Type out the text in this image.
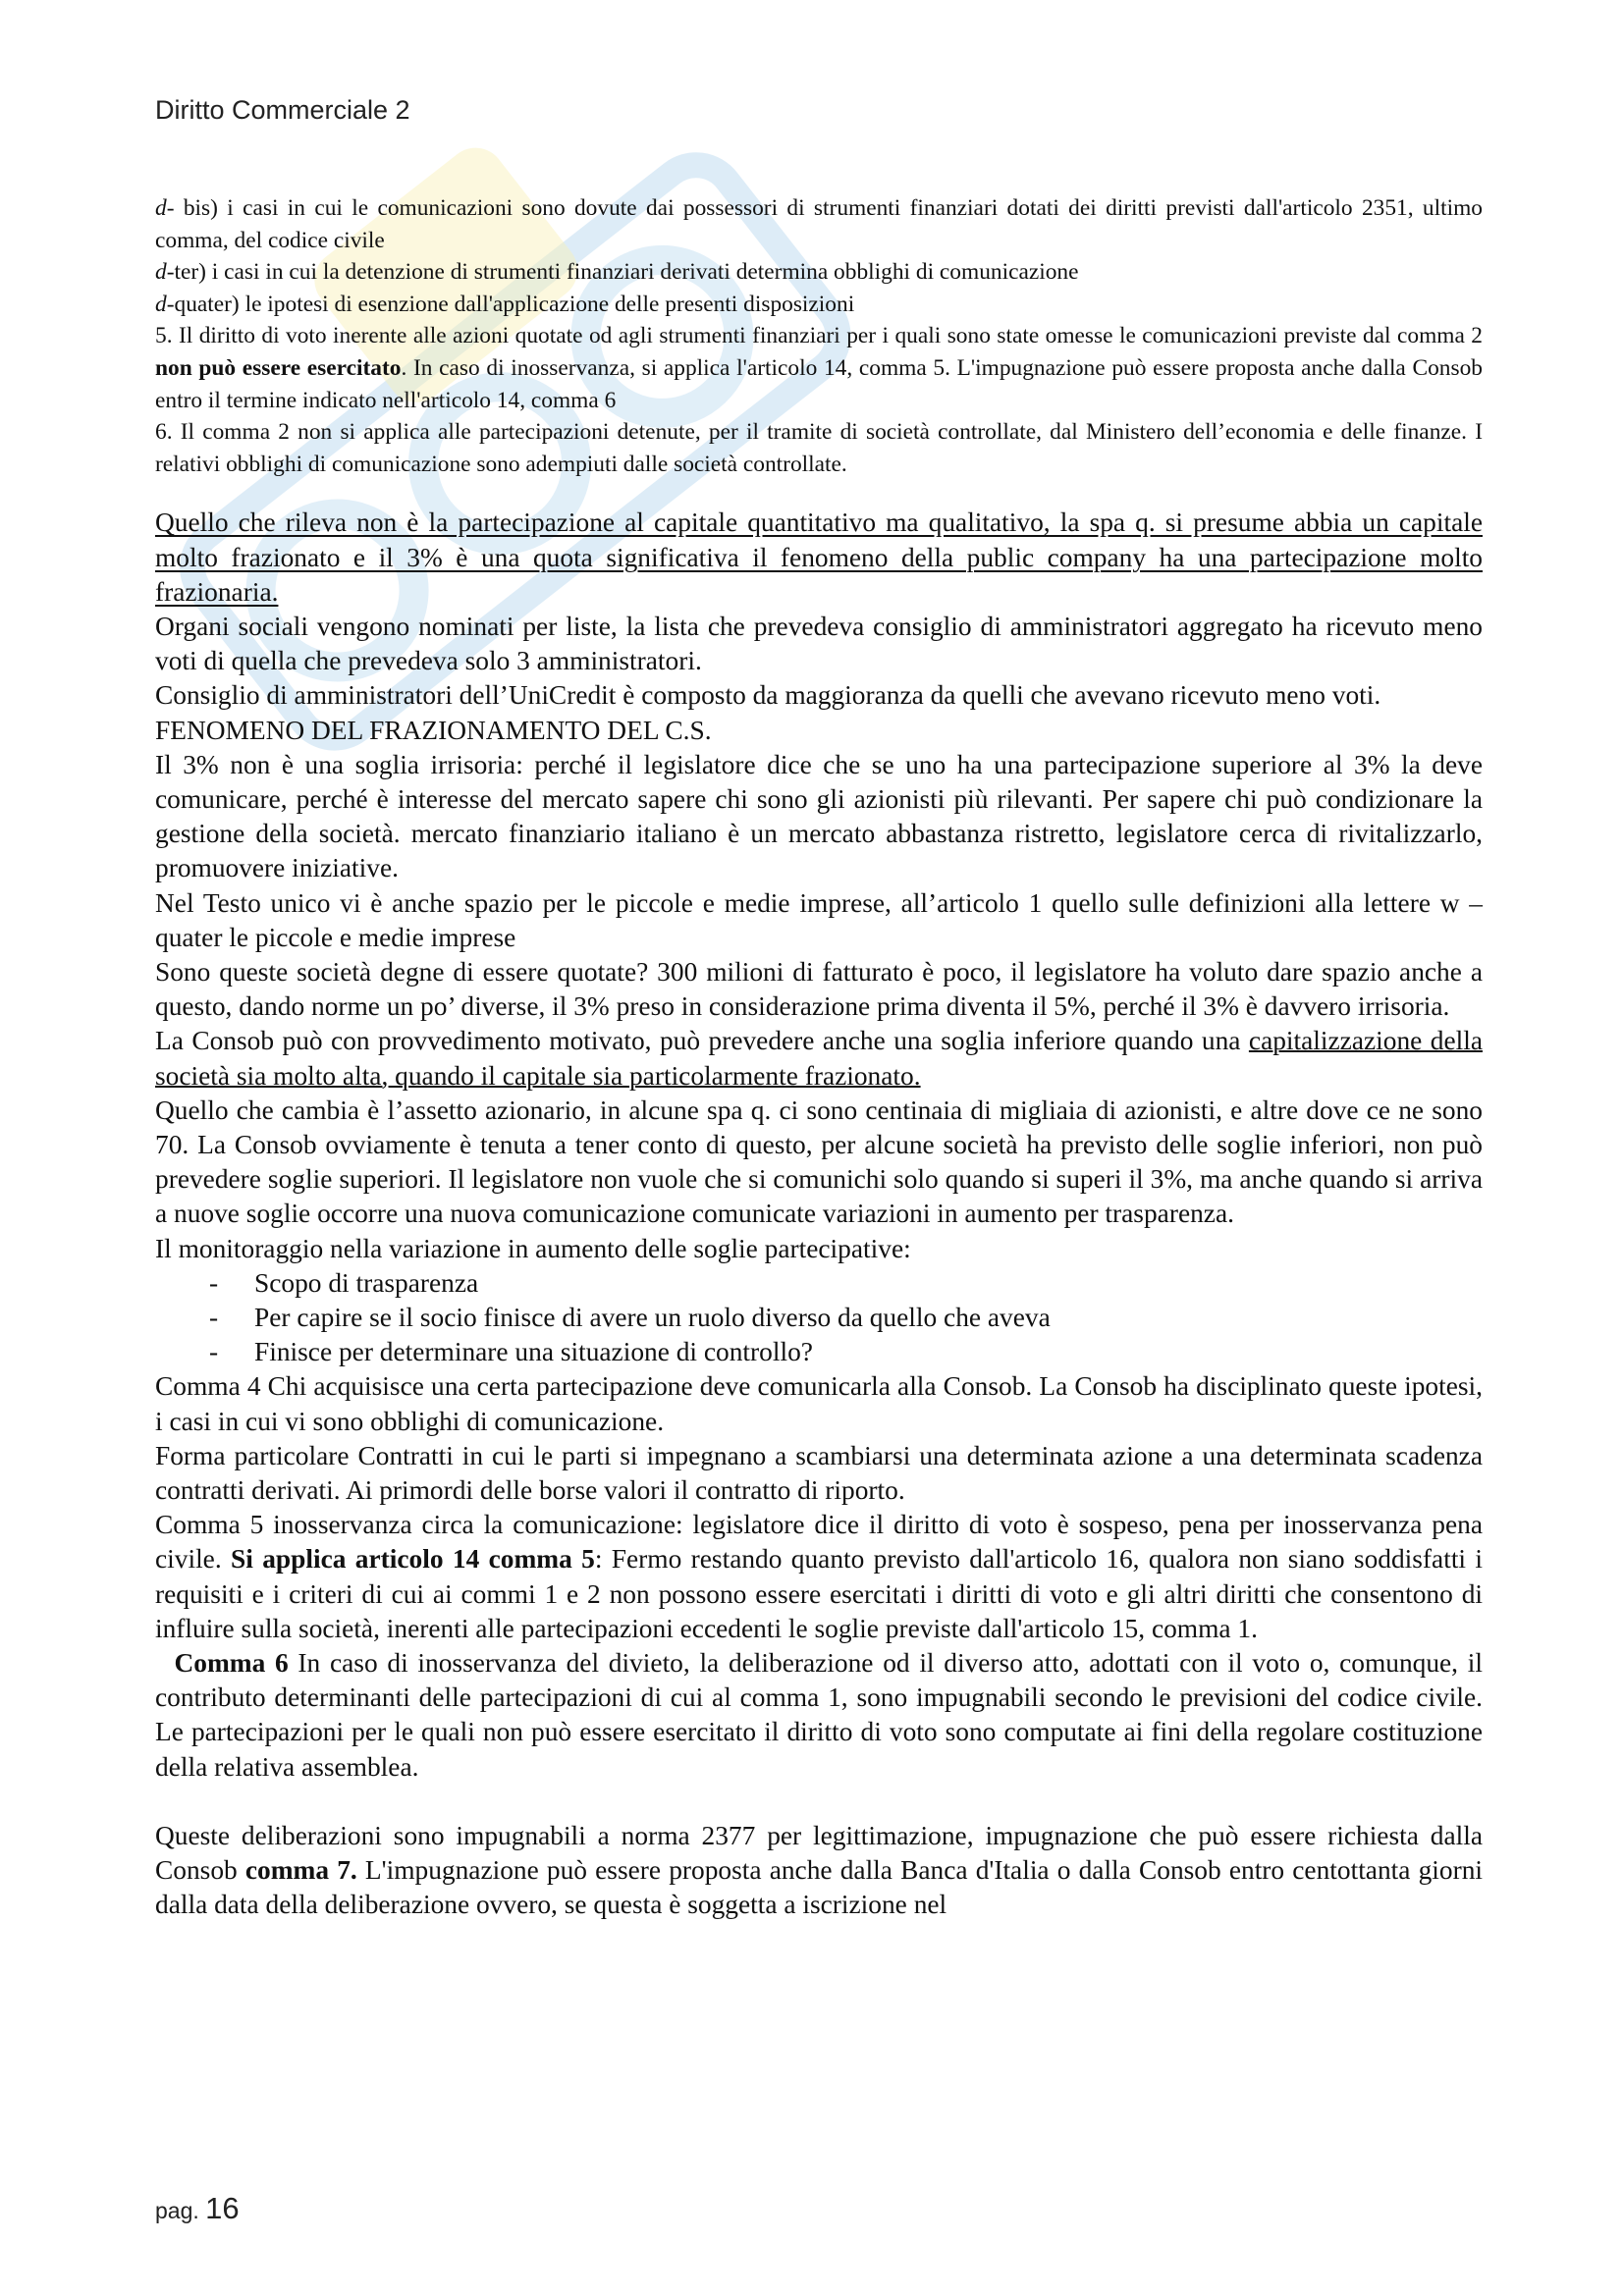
Diritto Commerciale 2

d- bis) i casi in cui le comunicazioni sono dovute dai possessori di strumenti finanziari dotati dei diritti previsti dall'articolo 2351, ultimo comma, del codice civile

d-ter) i casi in cui la detenzione di strumenti finanziari derivati determina obblighi di comunicazione

d-quater) le ipotesi di esenzione dall'applicazione delle presenti disposizioni

5. Il diritto di voto inerente alle azioni quotate od agli strumenti finanziari per i quali sono state omesse le comunicazioni previste dal comma 2 non può essere esercitato. In caso di inosservanza, si applica l'articolo 14, comma 5. L'impugnazione può essere proposta anche dalla Consob entro il termine indicato nell'articolo 14, comma 6

6. Il comma 2 non si applica alle partecipazioni detenute, per il tramite di società controllate, dal Ministero dell’economia e delle finanze. I relativi obblighi di comunicazione sono adempiuti dalle società controllate.

Quello che rileva non è la partecipazione al capitale quantitativo ma qualitativo, la spa q. si presume abbia un capitale molto frazionato e il 3% è una quota significativa il fenomeno della public company ha una partecipazione molto frazionaria.

Organi sociali vengono nominati per liste, la lista che prevedeva consiglio di amministratori aggregato ha ricevuto meno voti di quella che prevedeva solo 3 amministratori.

Consiglio di amministratori dell’UniCredit è composto da maggioranza da quelli che avevano ricevuto meno voti.

FENOMENO DEL FRAZIONAMENTO DEL C.S.

Il 3% non è una soglia irrisoria: perché il legislatore dice che se uno ha una partecipazione superiore al 3% la deve comunicare, perché è interesse del mercato sapere chi sono gli azionisti più rilevanti. Per sapere chi può condizionare la gestione della società. mercato finanziario italiano è un mercato abbastanza ristretto, legislatore cerca di rivitalizzarlo, promuovere iniziative.

Nel Testo unico vi è anche spazio per le piccole e medie imprese, all’articolo 1 quello sulle definizioni alla lettere w – quater le piccole e medie imprese

Sono queste società degne di essere quotate? 300 milioni di fatturato è poco, il legislatore ha voluto dare spazio anche a questo, dando norme un po’ diverse, il 3% preso in considerazione prima diventa il 5%, perché il 3% è davvero irrisoria.

La Consob può con provvedimento motivato, può prevedere anche una soglia inferiore quando una capitalizzazione della società sia molto alta, quando il capitale sia particolarmente frazionato.

Quello che cambia è l’assetto azionario, in alcune spa q. ci sono centinaia di migliaia di azionisti, e altre dove ce ne sono 70. La Consob ovviamente è tenuta a tener conto di questo, per alcune società ha previsto delle soglie inferiori, non può prevedere soglie superiori. Il legislatore non vuole che si comunichi solo quando si superi il 3%, ma anche quando si arriva a nuove soglie occorre una nuova comunicazione comunicate variazioni in aumento per trasparenza.

Il monitoraggio nella variazione in aumento delle soglie partecipative:

- Scopo di trasparenza
- Per capire se il socio finisce di avere un ruolo diverso da quello che aveva
- Finisce per determinare una situazione di controllo?

Comma 4 Chi acquisisce una certa partecipazione deve comunicarla alla Consob. La Consob ha disciplinato queste ipotesi, i casi in cui vi sono obblighi di comunicazione.

Forma particolare Contratti in cui le parti si impegnano a scambiarsi una determinata azione a una determinata scadenza contratti derivati. Ai primordi delle borse valori il contratto di riporto.

Comma 5 inosservanza circa la comunicazione: legislatore dice il diritto di voto è sospeso, pena per inosservanza pena civile. Si applica articolo 14 comma 5: Fermo restando quanto previsto dall'articolo 16, qualora non siano soddisfatti i requisiti e i criteri di cui ai commi 1 e 2 non possono essere esercitati i diritti di voto e gli altri diritti che consentono di influire sulla società, inerenti alle partecipazioni eccedenti le soglie previste dall'articolo 15, comma 1.

Comma 6 In caso di inosservanza del divieto, la deliberazione od il diverso atto, adottati con il voto o, comunque, il contributo determinanti delle partecipazioni di cui al comma 1, sono impugnabili secondo le previsioni del codice civile. Le partecipazioni per le quali non può essere esercitato il diritto di voto sono computate ai fini della regolare costituzione della relativa assemblea.

Queste deliberazioni sono impugnabili a norma 2377 per legittimazione, impugnazione che può essere richiesta dalla Consob comma 7. L'impugnazione può essere proposta anche dalla Banca d'Italia o dalla Consob entro centottanta giorni dalla data della deliberazione ovvero, se questa è soggetta a iscrizione nel

pag. 16
